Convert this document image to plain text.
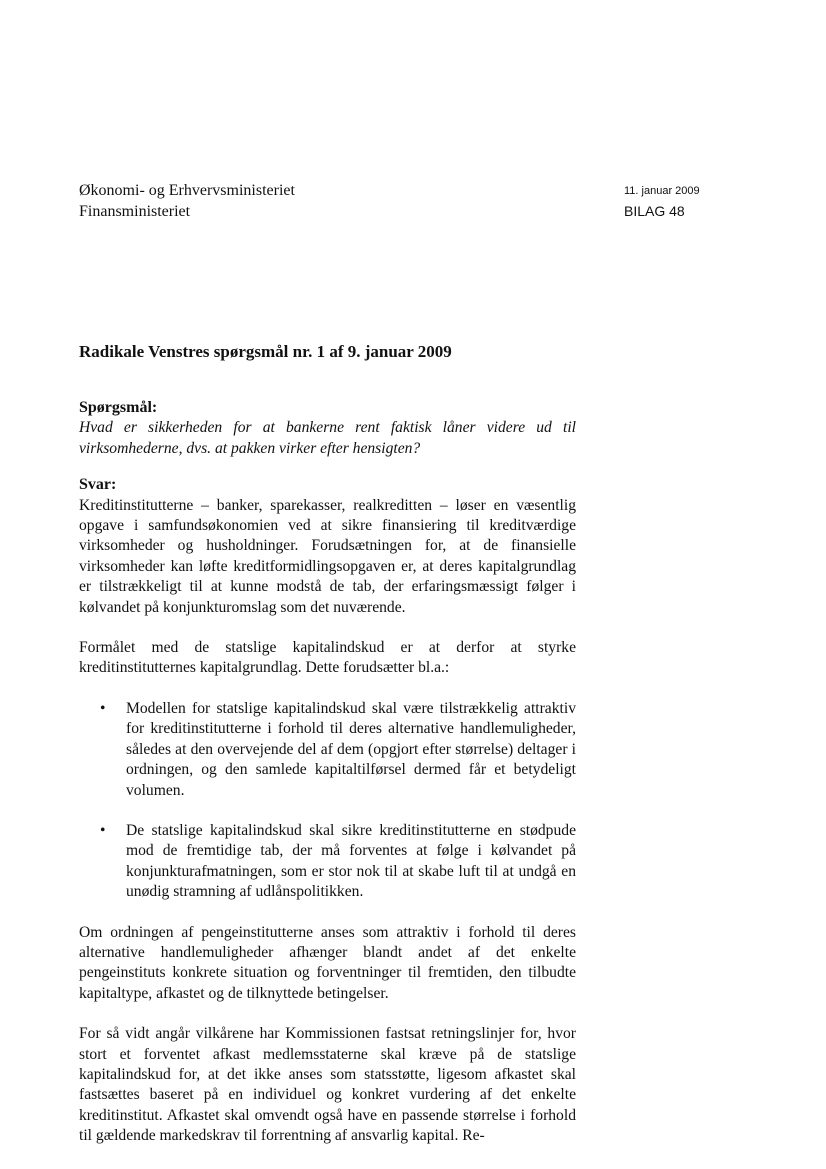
Økonomi- og Erhvervsministeriet
Finansministeriet
11. januar 2009
BILAG 48
Radikale Venstres spørgsmål nr. 1 af 9. januar 2009
Spørgsmål:
Hvad er sikkerheden for at bankerne rent faktisk låner videre ud til virksomhederne, dvs. at pakken virker efter hensigten?
Svar:

Kreditinstitutterne – banker, sparekasser, realkreditten – løser en væsentlig opgave i samfundsøkonomien ved at sikre finansiering til kreditværdige virksomheder og husholdninger. Forudsætningen for, at de finansielle virksomheder kan løfte kreditformidlingsopgaven er, at deres kapitalgrundlag er tilstrækkeligt til at kunne modstå de tab, der erfaringsmæssigt følger i kølvandet på konjunkturomslag som det nuværende.

Formålet med de statslige kapitalindskud er at derfor at styrke kreditinstitutternes kapitalgrundlag. Dette forudsætter bl.a.:

• Modellen for statslige kapitalindskud skal være tilstrækkelig attraktiv for kreditinstitutterne i forhold til deres alternative handlemuligheder, således at den overvejende del af dem (opgjort efter størrelse) deltager i ordningen, og den samlede kapitaltilførsel dermed får et betydeligt volumen.
• De statslige kapitalindskud skal sikre kreditinstitutterne en stødpude mod de fremtidige tab, der må forventes at følge i kølvandet på konjunkturafmatningen, som er stor nok til at skabe luft til at undgå en unødig stramning af udlånspolitikken.

Om ordningen af pengeinstitutterne anses som attraktiv i forhold til deres alternative handlemuligheder afhænger blandt andet af det enkelte pengeinstituts konkrete situation og forventninger til fremtiden, den tilbudte kapitaltype, afkastet og de tilknyttede betingelser.

For så vidt angår vilkårene har Kommissionen fastsat retningslinjer for, hvor stort et forventet afkast medlemsstaterne skal kræve på de statslige kapitalindskud for, at det ikke anses som statsstøtte, ligesom afkastet skal fastsættes baseret på en individuel og konkret vurdering af det enkelte kreditinstitut. Afkastet skal omvendt også have en passende størrelse i forhold til gældende markedskrav til forrentning af ansvarlig kapital. Re-
